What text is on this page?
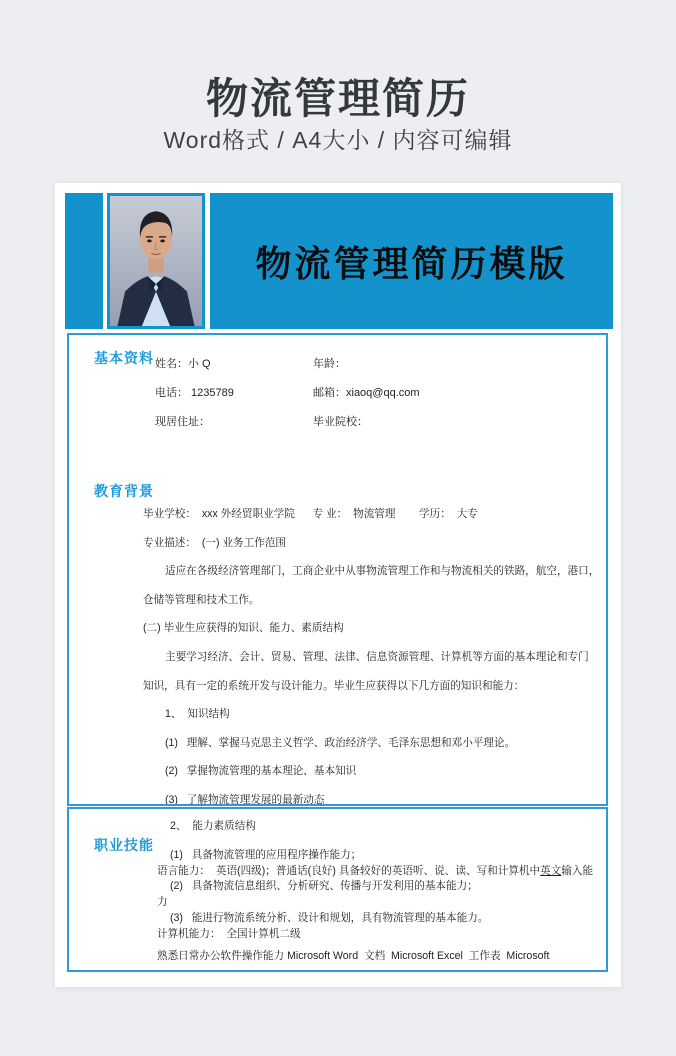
物流管理简历
Word格式 / A4大小 / 内容可编辑
物流管理简历模版
基本资料 姓名：小 Q	年龄：
电话： 1235789	邮箱：xiaoq@qq.com
现居住址：	毕业院校：
教育背景
毕业学校：  xxx 外经贸职业学院      专 业：  物流管理        学历：  大专
专业描述：  (一) 业务工作范围
适应在各级经济管理部门，工商企业中从事物流管理工作和与物流相关的铁路，航空，港口，
仓储等管理和技术工作。
(二) 毕业生应获得的知识、能力、素质结构
主要学习经济、会计、贸易、管理、法律、信息资源管理、计算机等方面的基本理论和专门
知识，具有一定的系统开发与设计能力。毕业生应获得以下几方面的知识和能力：
1、  知识结构
(1)   理解、掌握马克思主义哲学、政治经济学、毛泽东思想和邓小平理论。
(2)   掌握物流管理的基本理论、基本知识
(3)   了解物流管理发展的最新动态
职业技能
2、  能力素质结构
(1)   具备物流管理的应用程序操作能力；
语言能力：  英语(四级)；普通话(良好) 具备较好的英语听、说、读、写和计算机中英文输入能
(2)   具备物流信息组织、分析研究、传播与开发利用的基本能力；
力
(3)   能进行物流系统分析、设计和规划，具有物流管理的基本能力。
计算机能力：  全国计算机二级
熟悉日常办公软件操作能力 Microsoft Word  文档  Microsoft Excel  工作表  Microsoft
